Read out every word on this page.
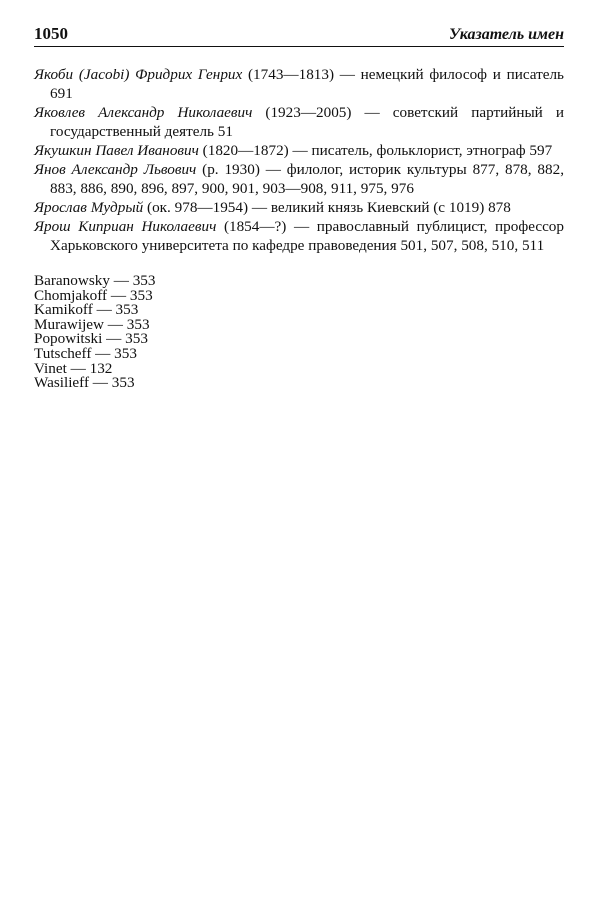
1050	Указатель имен

Якоби (Jacobi) Фридрих Генрих (1743—1813) — немецкий философ и писатель 691

Яковлев Александр Николаевич (1923—2005) — советский партийный и государственный деятель 51

Якушкин Павел Иванович (1820—1872) — писатель, фольклорист, этнограф 597

Янов Александр Львович (р. 1930) — филолог, историк культуры 877, 878, 882, 883, 886, 890, 896, 897, 900, 901, 903—908, 911, 975, 976

Ярослав Мудрый (ок. 978—1954) — великий князь Киевский (с 1019) 878

Ярош Киприан Николаевич (1854—?) — православный публицист, профессор Харьковского университета по кафедре правоведения 501, 507, 508, 510, 511

Baranowsky — 353

Chomjakoff — 353

Kamikoff — 353

Murawijew — 353

Popowitski — 353

Tutscheff — 353

Vinet — 132

Wasilieff — 353
